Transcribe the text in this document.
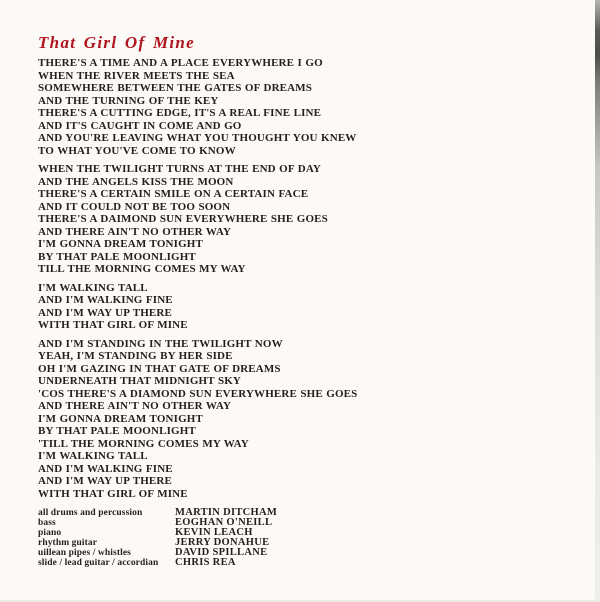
That Girl Of Mine
THERE'S A TIME AND A PLACE EVERYWHERE I GO
WHEN THE RIVER MEETS THE SEA
SOMEWHERE BETWEEN THE GATES OF DREAMS
AND THE TURNING OF THE KEY
THERE'S A CUTTING EDGE, IT'S A REAL FINE LINE
AND IT'S CAUGHT IN COME AND GO
AND YOU'RE LEAVING WHAT YOU THOUGHT YOU KNEW
TO WHAT YOU'VE COME TO KNOW
WHEN THE TWILIGHT TURNS AT THE END OF DAY
AND THE ANGELS KISS THE MOON
THERE'S A CERTAIN SMILE ON A CERTAIN FACE
AND IT COULD NOT BE TOO SOON
THERE'S A DAIMOND SUN EVERYWHERE SHE GOES
AND THERE AIN'T NO OTHER WAY
I'M GONNA DREAM TONIGHT
BY THAT PALE MOONLIGHT
TILL THE MORNING COMES MY WAY
I'M WALKING TALL
AND I'M WALKING FINE
AND I'M WAY UP THERE
WITH THAT GIRL OF MINE
AND I'M STANDING IN THE TWILIGHT NOW
YEAH, I'M STANDING BY HER SIDE
OH I'M GAZING IN THAT GATE OF DREAMS
UNDERNEATH THAT MIDNIGHT SKY
'COS THERE'S A DIAMOND SUN EVERYWHERE SHE GOES
AND THERE AIN'T NO OTHER WAY
I'M GONNA DREAM TONIGHT
BY THAT PALE MOONLIGHT
'TILL THE MORNING COMES MY WAY
I'M WALKING TALL
AND I'M WALKING FINE
AND I'M WAY UP THERE
WITH THAT GIRL OF MINE
all drums and percussion	MARTIN DITCHAM
bass	EOGHAN O'NEILL
piano	KEVIN LEACH
rhythm guitar	JERRY DONAHUE
uillean pipes / whistles	DAVID SPILLANE
slide / lead guitar / accordian	CHRIS REA
